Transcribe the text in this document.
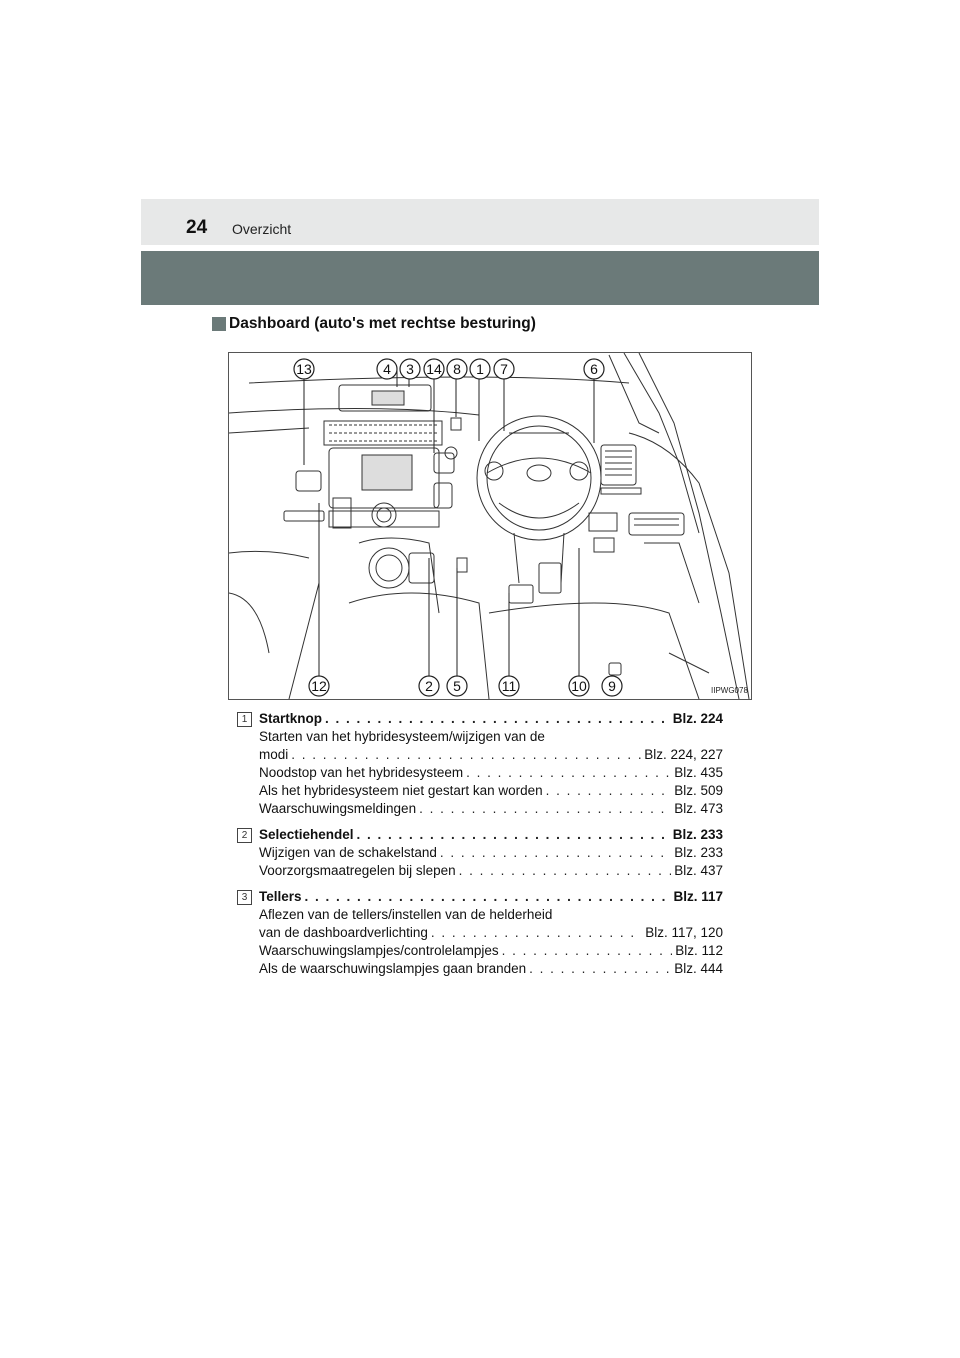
24 Overzicht
Dashboard (auto's met rechtse besturing)
13	4 3 14 8 1 7	6
12	2 5	11	10 9	IIPWG078
1 Startknop . . .	Blz. 224
Starten van het hybridesysteem/wijzigen van de
modi . . .	Blz. 224, 227
Noodstop van het hybridesysteem . . .	Blz. 435
Als het hybridesysteem niet gestart kan worden . . .	Blz. 509
Waarschuwingsmeldingen . . .	Blz. 473
2 Selectiehendel . . .	Blz. 233
Wijzigen van de schakelstand . . .	Blz. 233
Voorzorgsmaatregelen bij slepen . . .	Blz. 437
3 Tellers . . .	Blz. 117
Aflezen van de tellers/instellen van de helderheid
van de dashboardverlichting . . .	Blz. 117, 120
Waarschuwingslampjes/controlelampjes . . .	Blz. 112
Als de waarschuwingslampjes gaan branden . . .	Blz. 444
